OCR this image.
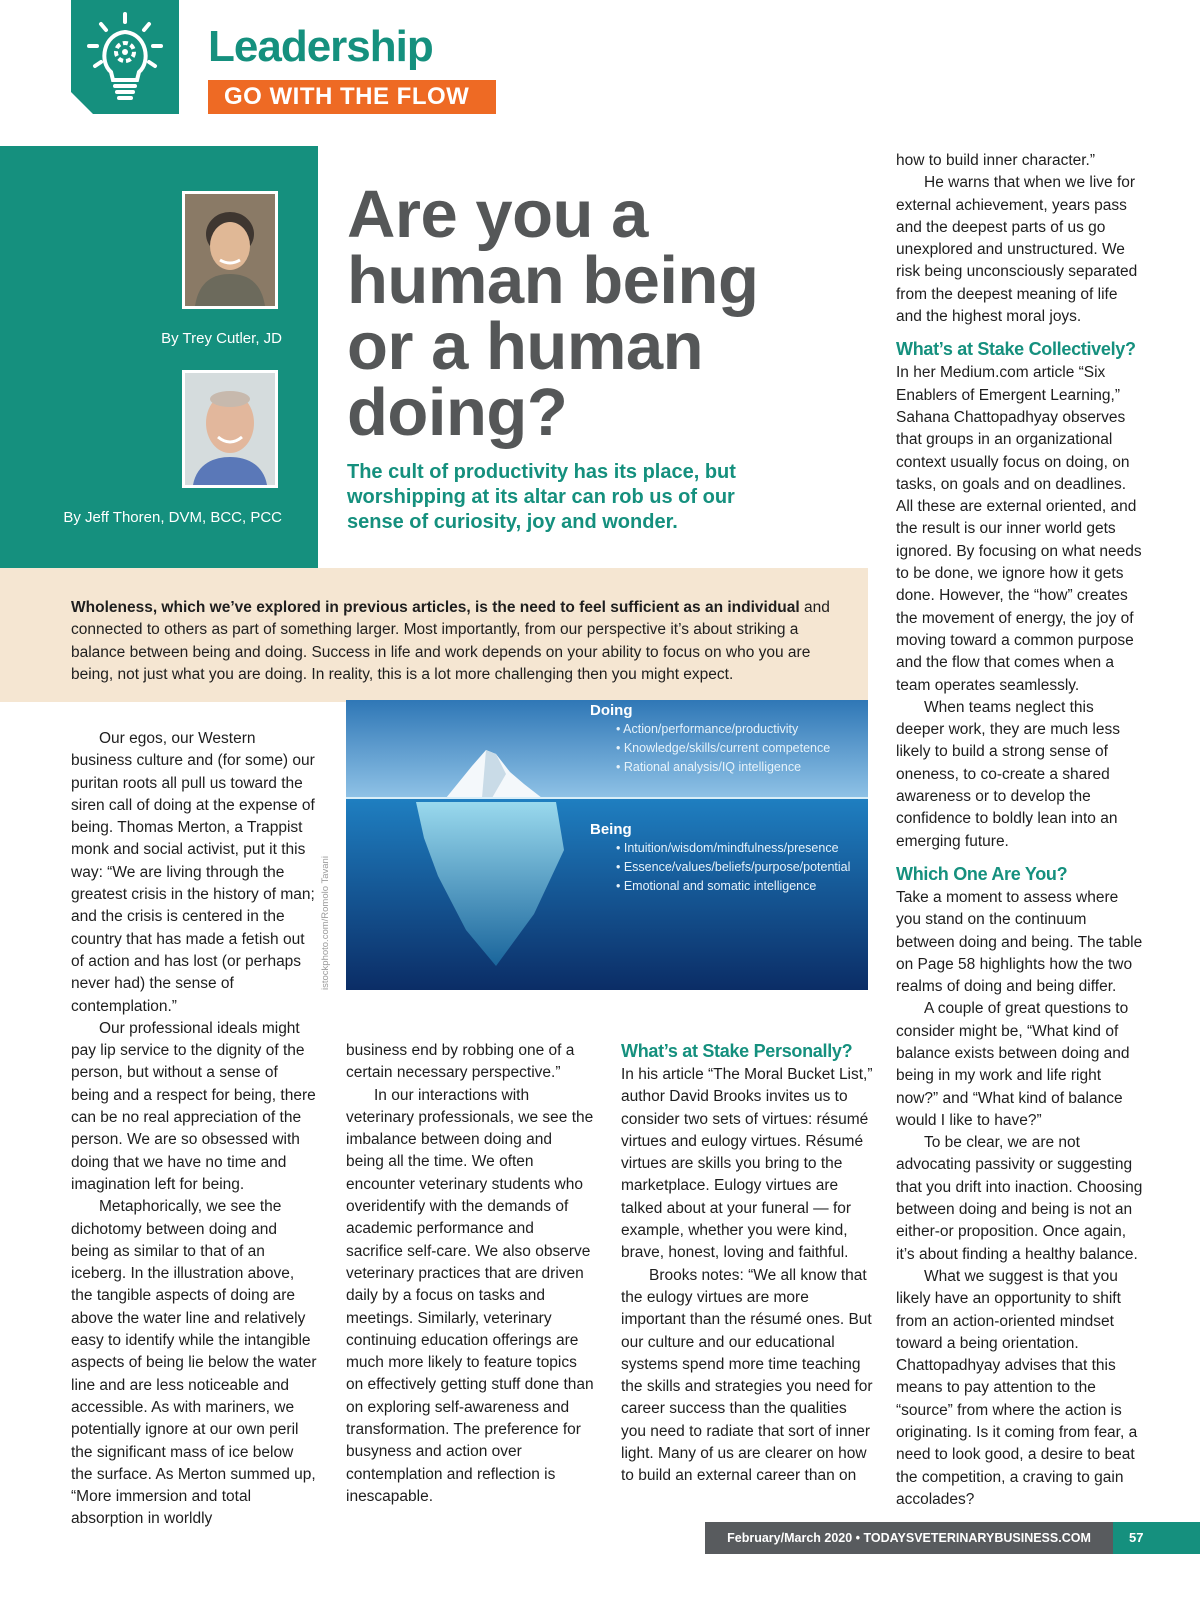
Leadership
GO WITH THE FLOW
By Trey Cutler, JD
By Jeff Thoren, DVM, BCC, PCC
Are you a human being or a human doing?
The cult of productivity has its place, but worshipping at its altar can rob us of our sense of curiosity, joy and wonder.
Wholeness, which we’ve explored in previous articles, is the need to feel sufficient as an individual and connected to others as part of something larger. Most importantly, from our perspective it’s about striking a balance between being and doing. Success in life and work depends on your ability to focus on who you are being, not just what you are doing. In reality, this is a lot more challenging then you might expect.
Doing
• Action/performance/productivity
• Knowledge/skills/current competence
• Rational analysis/IQ intelligence
Being
• Intuition/wisdom/mindfulness/presence
• Essence/values/beliefs/purpose/potential
• Emotional and somatic intelligence
istockphoto.com/Romolo Tavani

Our egos, our Western business culture and (for some) our puritan roots all pull us toward the siren call of doing at the expense of being. Thomas Merton, a Trappist monk and social activist, put it this way: “We are living through the greatest crisis in the history of man; and the crisis is centered in the country that has made a fetish out of action and has lost (or perhaps never had) the sense of contemplation.”

Our professional ideals might pay lip service to the dignity of the person, but without a sense of being and a respect for being, there can be no real appreciation of the person. We are so obsessed with doing that we have no time and imagination left for being.

Metaphorically, we see the dichotomy between doing and being as similar to that of an iceberg. In the illustration above, the tangible aspects of doing are above the water line and relatively easy to identify while the intangible aspects of being lie below the water line and are less noticeable and accessible. As with mariners, we potentially ignore at our own peril the significant mass of ice below the surface. As Merton summed up, “More immersion and total absorption in worldly

business end by robbing one of a certain necessary perspective.”

In our interactions with veterinary professionals, we see the imbalance between doing and being all the time. We often encounter veterinary students who overidentify with the demands of academic performance and sacrifice self-care. We also observe veterinary practices that are driven daily by a focus on tasks and meetings. Similarly, veterinary continuing education offerings are much more likely to feature topics on effectively getting stuff done than on exploring self-awareness and transformation. The preference for busyness and action over contemplation and reflection is inescapable.

What’s at Stake Personally?

In his article “The Moral Bucket List,” author David Brooks invites us to consider two sets of virtues: résumé virtues and eulogy virtues. Résumé virtues are skills you bring to the marketplace. Eulogy virtues are talked about at your funeral — for example, whether you were kind, brave, honest, loving and faithful.

Brooks notes: “We all know that the eulogy virtues are more important than the résumé ones. But our culture and our educational systems spend more time teaching the skills and strategies you need for career success than the qualities you need to radiate that sort of inner light. Many of us are clearer on how to build an external career than on

how to build inner character.”

He warns that when we live for external achievement, years pass and the deepest parts of us go unexplored and unstructured. We risk being unconsciously separated from the deepest meaning of life and the highest moral joys.

What’s at Stake Collectively?

In her Medium.com article “Six Enablers of Emergent Learning,” Sahana Chattopadhyay observes that groups in an organizational context usually focus on doing, on tasks, on goals and on deadlines. All these are external oriented, and the result is our inner world gets ignored. By focusing on what needs to be done, we ignore how it gets done. However, the “how” creates the movement of energy, the joy of moving toward a common purpose and the flow that comes when a team operates seamlessly.

When teams neglect this deeper work, they are much less likely to build a strong sense of oneness, to co-create a shared awareness or to develop the confidence to boldly lean into an emerging future.

Which One Are You?

Take a moment to assess where you stand on the continuum between doing and being. The table on Page 58 highlights how the two realms of doing and being differ.

A couple of great questions to consider might be, “What kind of balance exists between doing and being in my work and life right now?” and “What kind of balance would I like to have?”

To be clear, we are not advocating passivity or suggesting that you drift into inaction. Choosing between doing and being is not an either-or proposition. Once again, it’s about finding a healthy balance.

What we suggest is that you likely have an opportunity to shift from an action-oriented mindset toward a being orientation. Chattopadhyay advises that this means to pay attention to the “source” from where the action is originating. Is it coming from fear, a need to look good, a desire to beat the competition, a craving to gain accolades?

February/March 2020 • TODAYSVETERINARYBUSINESS.COM	57
